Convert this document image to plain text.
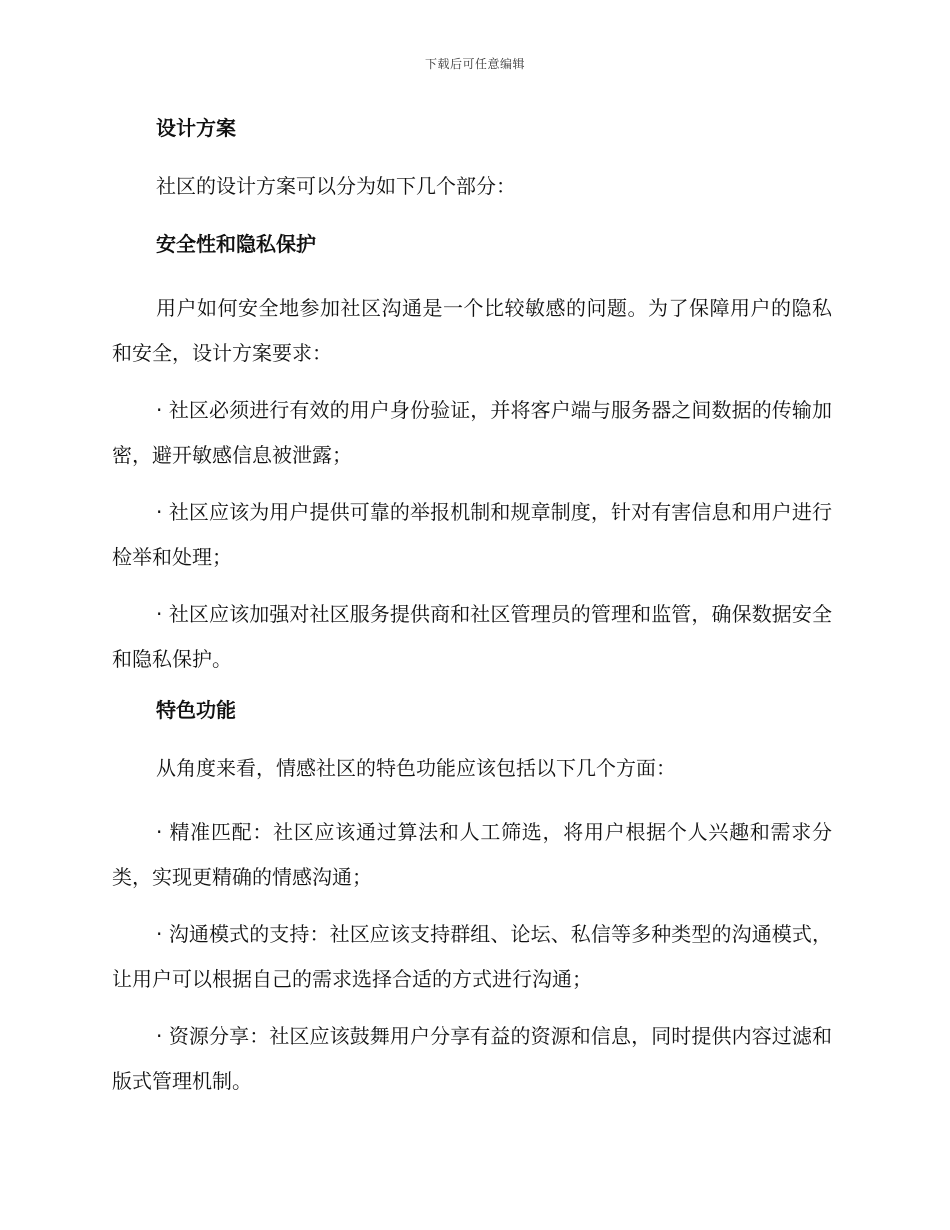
下载后可任意编辑
设计方案
社区的设计方案可以分为如下几个部分：
安全性和隐私保护
用户如何安全地参加社区沟通是一个比较敏感的问题。为了保障用户的隐私和安全，设计方案要求：
· 社区必须进行有效的用户身份验证，并将客户端与服务器之间数据的传输加密，避开敏感信息被泄露；
· 社区应该为用户提供可靠的举报机制和规章制度，针对有害信息和用户进行检举和处理；
· 社区应该加强对社区服务提供商和社区管理员的管理和监管，确保数据安全和隐私保护。
特色功能
从角度来看，情感社区的特色功能应该包括以下几个方面：
· 精准匹配：社区应该通过算法和人工筛选，将用户根据个人兴趣和需求分类，实现更精确的情感沟通；
· 沟通模式的支持：社区应该支持群组、论坛、私信等多种类型的沟通模式，让用户可以根据自己的需求选择合适的方式进行沟通；
· 资源分享：社区应该鼓舞用户分享有益的资源和信息，同时提供内容过滤和版式管理机制。
